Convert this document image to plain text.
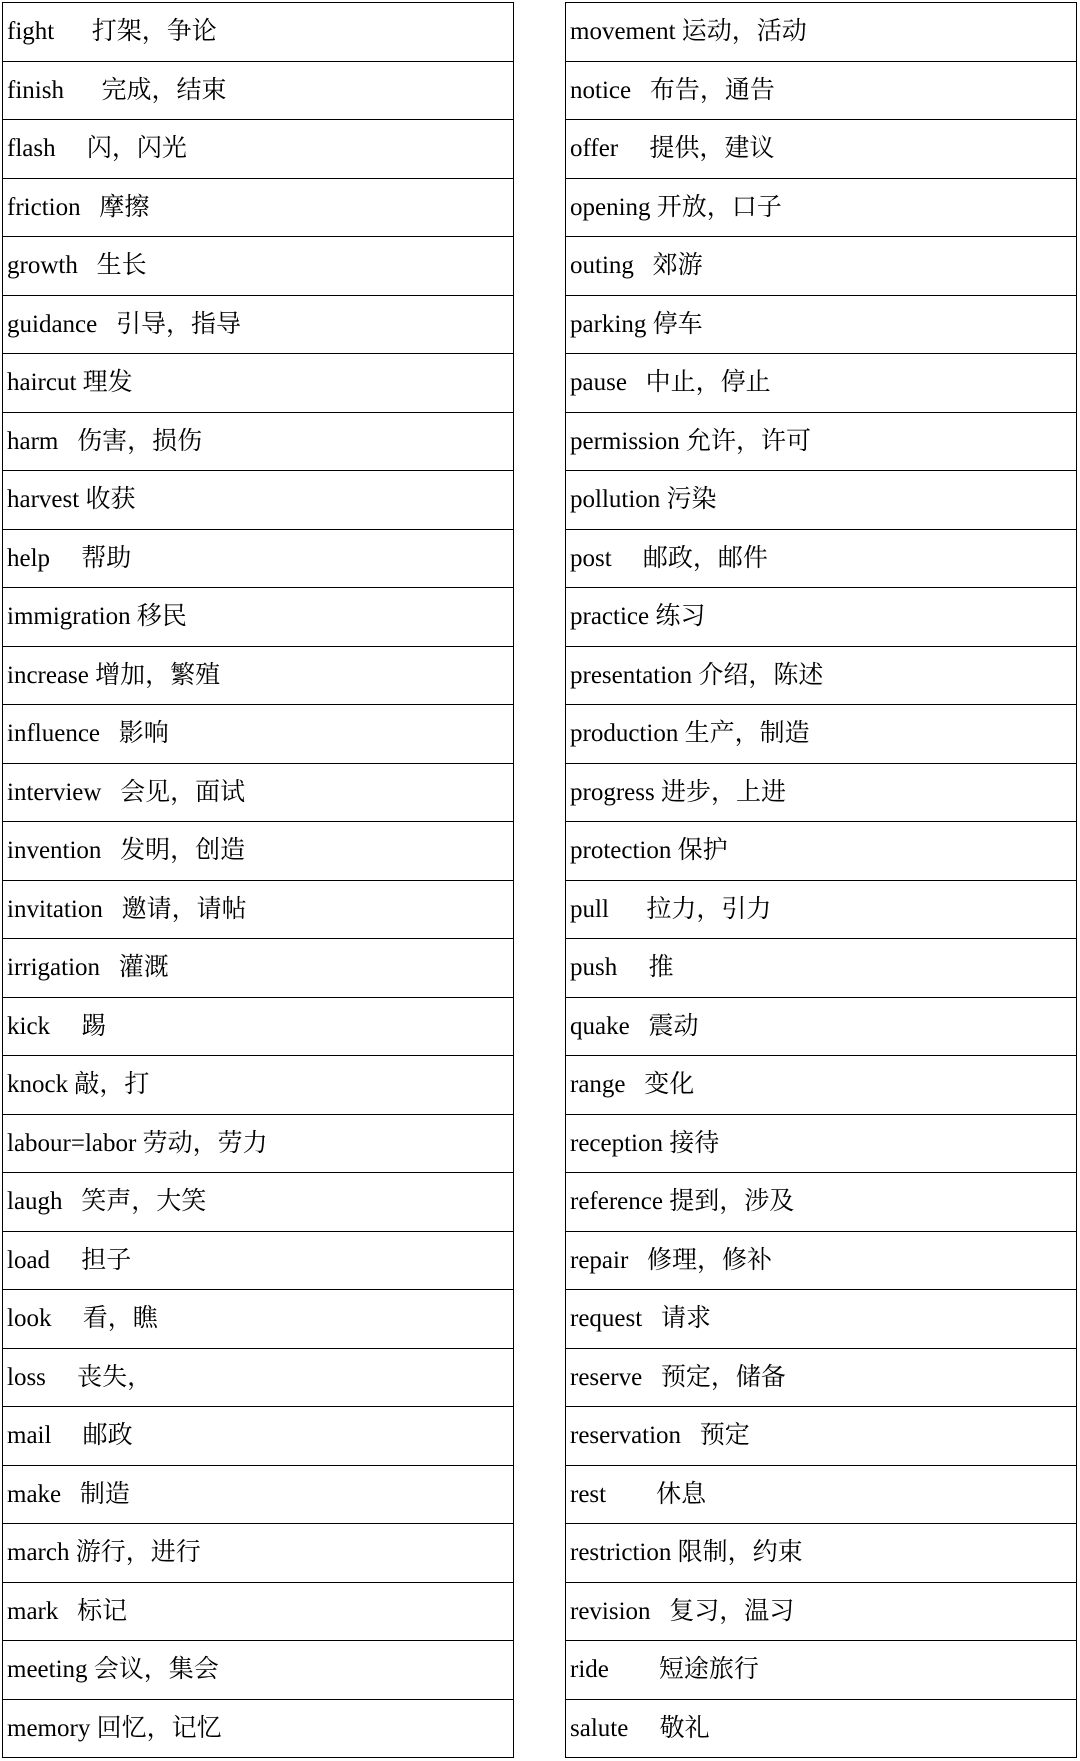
fight      打架，争论
finish      完成，结束
flash     闪，闪光
friction   摩擦
growth   生长
guidance   引导，指导
haircut 理发
harm   伤害，损伤
harvest 收获
help     帮助
immigration 移民
increase 增加，繁殖
influence   影响
interview   会见，面试
invention   发明，创造
invitation   邀请，请帖
irrigation   灌溉
kick     踢
knock 敲，打
labour=labor 劳动，劳力
laugh   笑声，大笑
load     担子
look     看，瞧
loss     丧失，
mail     邮政
make   制造
march 游行，进行
mark   标记
meeting 会议，集会
memory 回忆，记忆
movement 运动，活动
notice   布告，通告
offer     提供，建议
opening 开放，口子
outing   郊游
parking 停车
pause   中止，停止
permission 允许，许可
pollution 污染
post     邮政，邮件
practice 练习
presentation 介绍，陈述
production 生产，制造
progress 进步，上进
protection 保护
pull      拉力，引力
push     推
quake   震动
range   变化
reception 接待
reference 提到，涉及
repair   修理，修补
request   请求
reserve   预定，储备
reservation   预定
rest        休息
restriction 限制，约束
revision   复习，温习
ride        短途旅行
salute     敬礼
